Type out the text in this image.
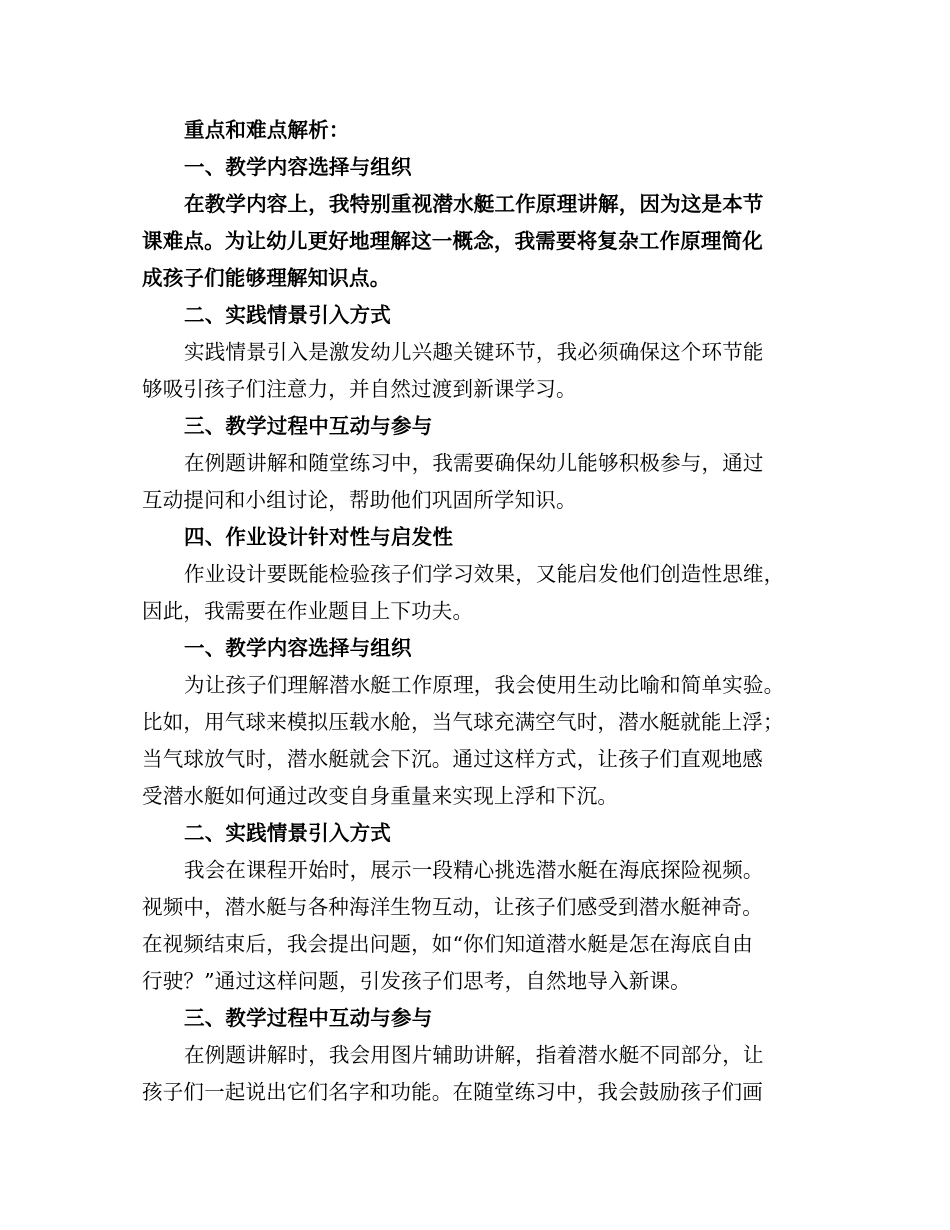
重点和难点解析：
一、教学内容选择与组织
在教学内容上，我特别重视潜水艇工作原理讲解，因为这是本节
课难点。为让幼儿更好地理解这一概念，我需要将复杂工作原理简化
成孩子们能够理解知识点。
二、实践情景引入方式
实践情景引入是激发幼儿兴趣关键环节，我必须确保这个环节能
够吸引孩子们注意力，并自然过渡到新课学习。
三、教学过程中互动与参与
在例题讲解和随堂练习中，我需要确保幼儿能够积极参与，通过
互动提问和小组讨论，帮助他们巩固所学知识。
四、作业设计针对性与启发性
作业设计要既能检验孩子们学习效果，又能启发他们创造性思维，
因此，我需要在作业题目上下功夫。
一、教学内容选择与组织
为让孩子们理解潜水艇工作原理，我会使用生动比喻和简单实验。
比如，用气球来模拟压载水舱，当气球充满空气时，潜水艇就能上浮；
当气球放气时，潜水艇就会下沉。通过这样方式，让孩子们直观地感
受潜水艇如何通过改变自身重量来实现上浮和下沉。
二、实践情景引入方式
我会在课程开始时，展示一段精心挑选潜水艇在海底探险视频。
视频中，潜水艇与各种海洋生物互动，让孩子们感受到潜水艇神奇。
在视频结束后，我会提出问题，如“你们知道潜水艇是怎在海底自由
行驶？”通过这样问题，引发孩子们思考，自然地导入新课。
三、教学过程中互动与参与
在例题讲解时，我会用图片辅助讲解，指着潜水艇不同部分，让
孩子们一起说出它们名字和功能。在随堂练习中，我会鼓励孩子们画
